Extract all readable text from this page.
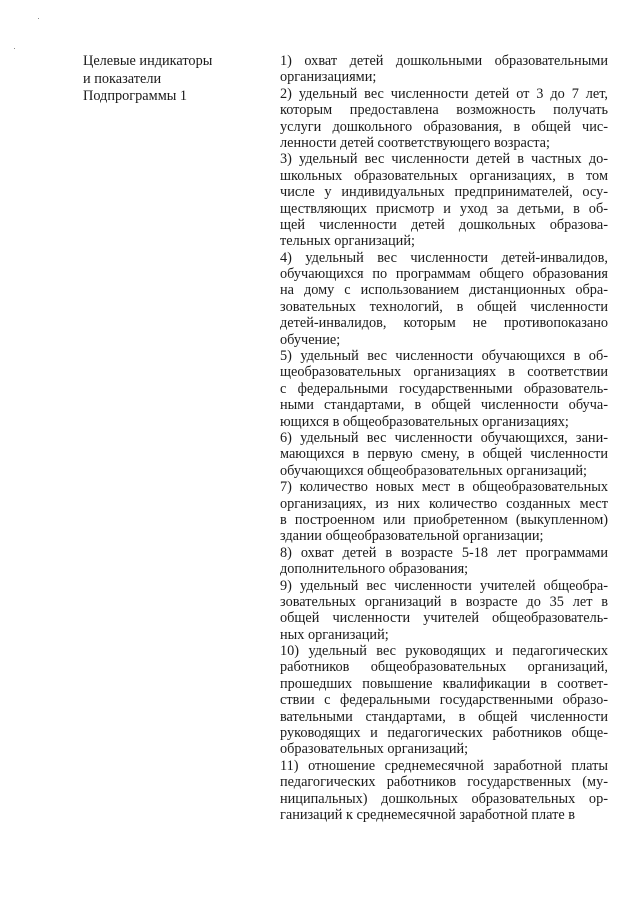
Целевые индикаторы
и показатели
Подпрограммы 1
1) охват детей дошкольными образовательными
организациями;
2) удельный вес численности детей от 3 до 7 лет,
которым предоставлена возможность получать
услуги дошкольного образования, в общей чис-
ленности детей соответствующего возраста;
3) удельный вес численности детей в частных до-
школьных образовательных организациях, в том
числе у индивидуальных предпринимателей, осу-
ществляющих присмотр и уход за детьми, в об-
щей численности детей дошкольных образова-
тельных организаций;
4) удельный вес численности детей-инвалидов,
обучающихся по программам общего образования
на дому с использованием дистанционных обра-
зовательных технологий, в общей численности
детей-инвалидов, которым не противопоказано
обучение;
5) удельный вес численности обучающихся в об-
щеобразовательных организациях в соответствии
с федеральными государственными образователь-
ными стандартами, в общей численности обуча-
ющихся в общеобразовательных организациях;
6) удельный вес численности обучающихся, зани-
мающихся в первую смену, в общей численности
обучающихся общеобразовательных организаций;
7) количество новых мест в общеобразовательных
организациях, из них количество созданных мест
в построенном или приобретенном (выкупленном)
здании общеобразовательной организации;
8) охват детей в возрасте 5-18 лет программами
дополнительного образования;
9) удельный вес численности учителей общеобра-
зовательных организаций в возрасте до 35 лет в
общей численности учителей общеобразователь-
ных организаций;
10) удельный вес руководящих и педагогических
работников общеобразовательных организаций,
прошедших повышение квалификации в соответ-
ствии с федеральными государственными образо-
вательными стандартами, в общей численности
руководящих и педагогических работников обще-
образовательных организаций;
11) отношение среднемесячной заработной платы
педагогических работников государственных (му-
ниципальных) дошкольных образовательных ор-
ганизаций к среднемесячной заработной плате в
